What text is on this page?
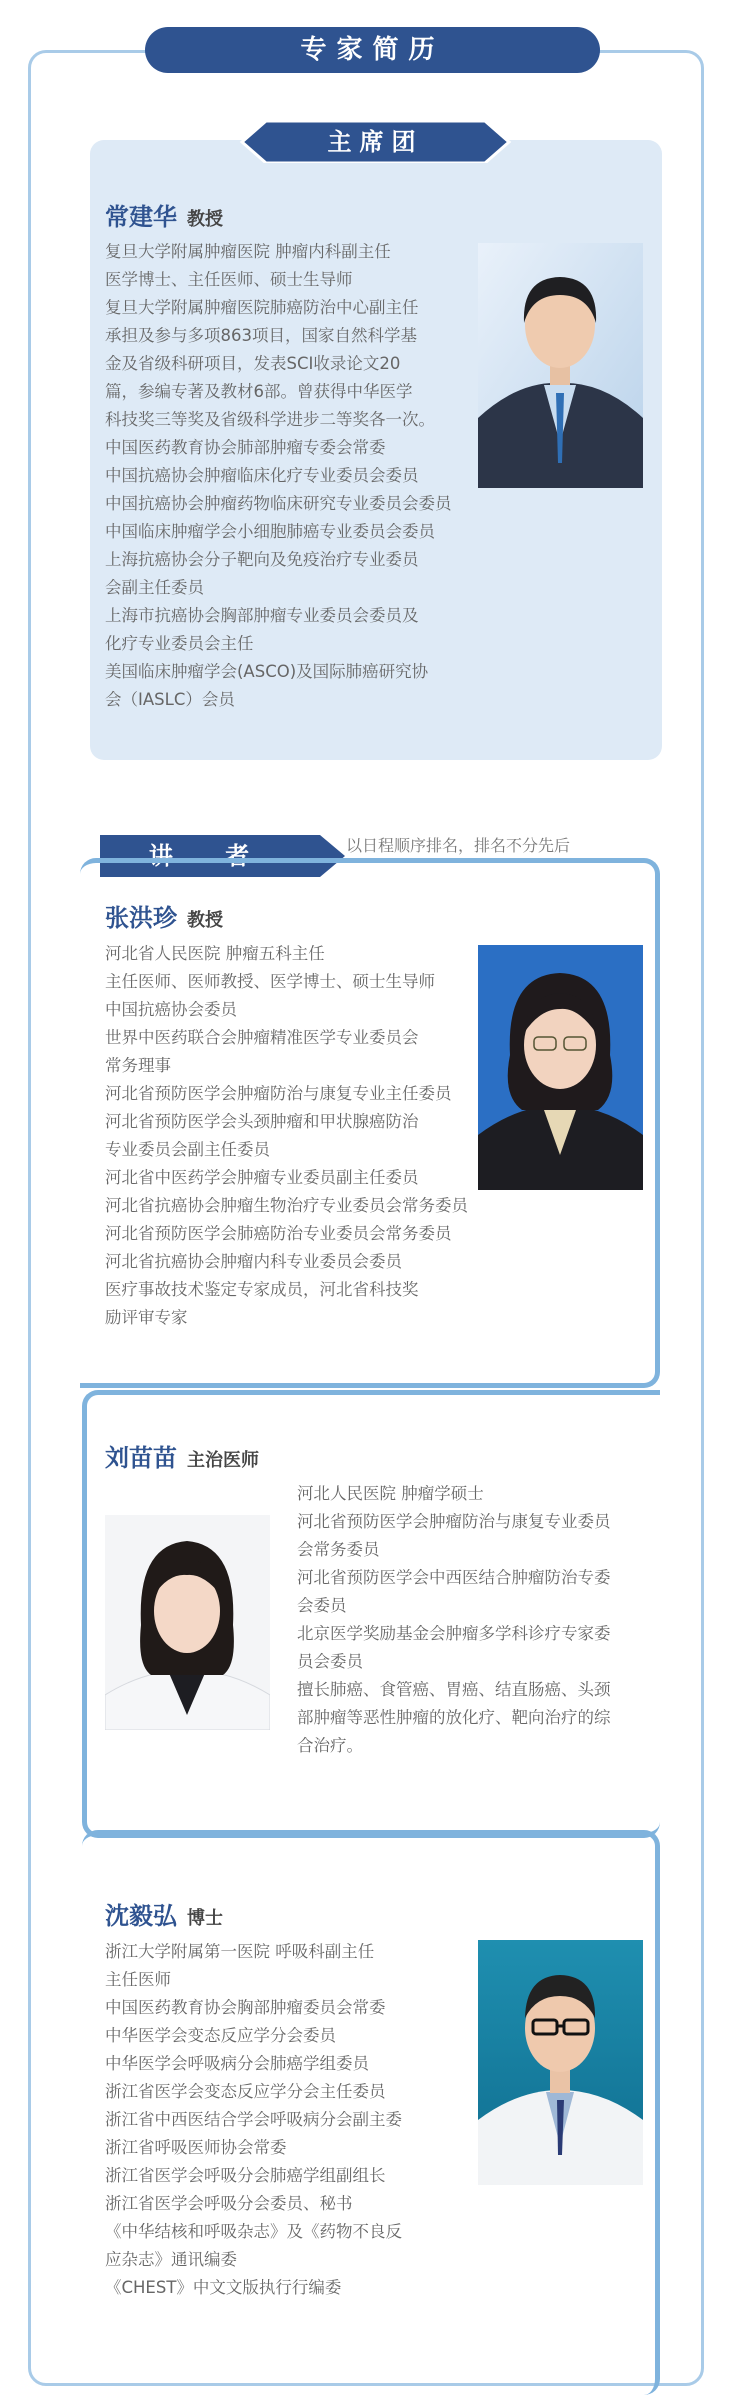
专家简历
主席团
常建华 教授
复旦大学附属肿瘤医院 肿瘤内科副主任
医学博士、主任医师、硕士生导师
复旦大学附属肿瘤医院肺癌防治中心副主任
承担及参与多项863项目，国家自然科学基
金及省级科研项目，发表SCI收录论文20
篇，参编专著及教材6部。曾获得中华医学
科技奖三等奖及省级科学进步二等奖各一次。
中国医药教育协会肺部肿瘤专委会常委
中国抗癌协会肿瘤临床化疗专业委员会委员
中国抗癌协会肿瘤药物临床研究专业委员会委员
中国临床肿瘤学会小细胞肺癌专业委员会委员
上海抗癌协会分子靶向及免疫治疗专业委员
会副主任委员
上海市抗癌协会胸部肿瘤专业委员会委员及
化疗专业委员会主任
美国临床肿瘤学会(ASCO)及国际肺癌研究协
会（IASLC）会员
讲 者	以日程顺序排名，排名不分先后
张洪珍 教授
河北省人民医院 肿瘤五科主任
主任医师、医师教授、医学博士、硕士生导师
中国抗癌协会委员
世界中医药联合会肿瘤精准医学专业委员会
常务理事
河北省预防医学会肿瘤防治与康复专业主任委员
河北省预防医学会头颈肿瘤和甲状腺癌防治
专业委员会副主任委员
河北省中医药学会肿瘤专业委员副主任委员
河北省抗癌协会肿瘤生物治疗专业委员会常务委员
河北省预防医学会肺癌防治专业委员会常务委员
河北省抗癌协会肿瘤内科专业委员会委员
医疗事故技术鉴定专家成员，河北省科技奖
励评审专家
刘苗苗 主治医师
河北人民医院 肿瘤学硕士
河北省预防医学会肿瘤防治与康复专业委员
会常务委员
河北省预防医学会中西医结合肿瘤防治专委
会委员
北京医学奖励基金会肿瘤多学科诊疗专家委
员会委员
擅长肺癌、食管癌、胃癌、结直肠癌、头颈
部肿瘤等恶性肿瘤的放化疗、靶向治疗的综
合治疗。
沈毅弘 博士
浙江大学附属第一医院 呼吸科副主任
主任医师
中国医药教育协会胸部肿瘤委员会常委
中华医学会变态反应学分会委员
中华医学会呼吸病分会肺癌学组委员
浙江省医学会变态反应学分会主任委员
浙江省中西医结合学会呼吸病分会副主委
浙江省呼吸医师协会常委
浙江省医学会呼吸分会肺癌学组副组长
浙江省医学会呼吸分会委员、秘书
《中华结核和呼吸杂志》及《药物不良反
应杂志》通讯编委
《CHEST》中文文版执行行编委
